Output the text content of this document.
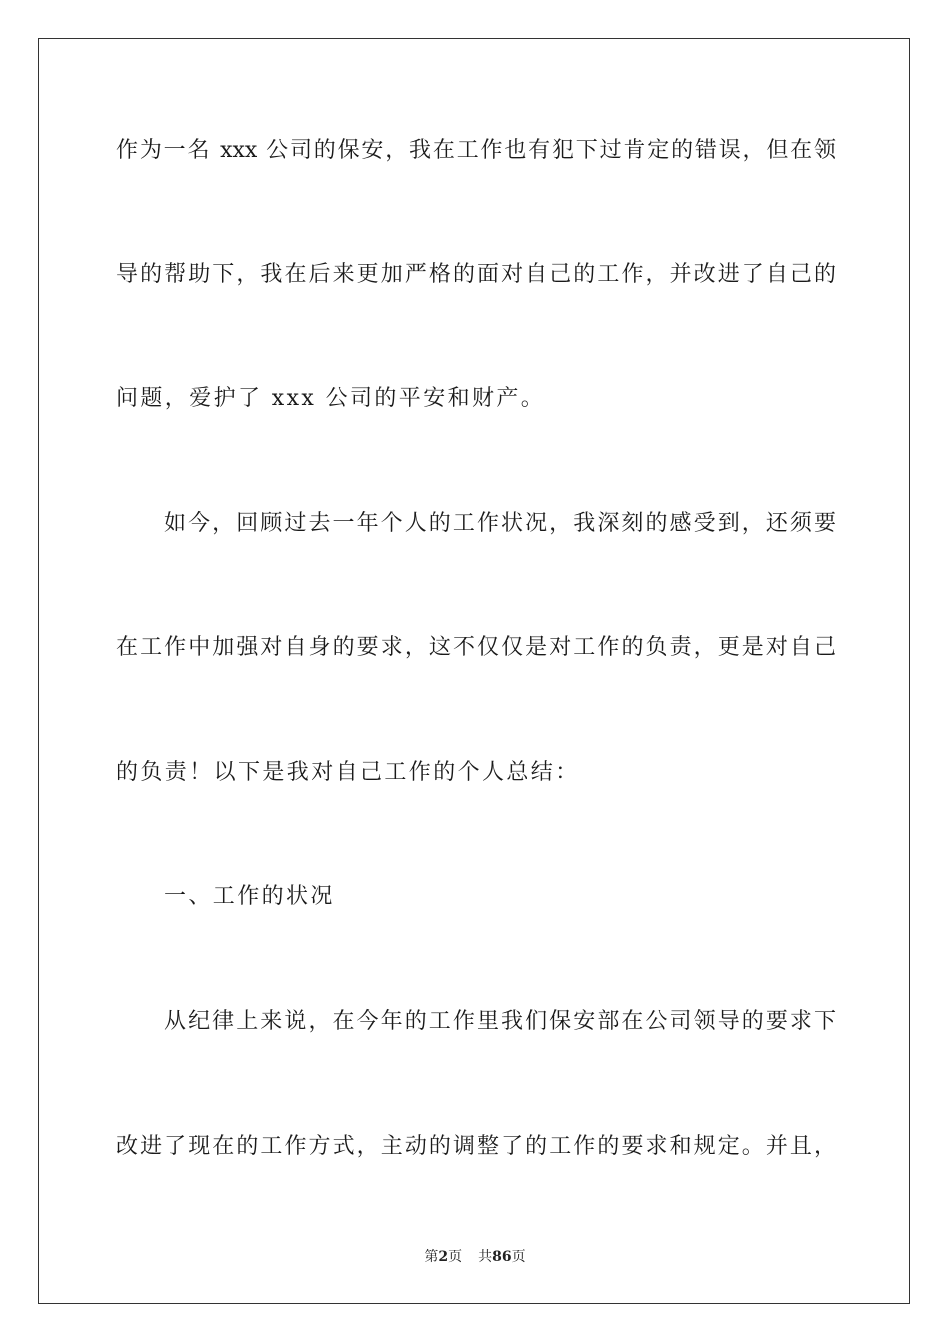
作为一名 xxx 公司的保安，我在工作也有犯下过肯定的错误，但在领
导的帮助下，我在后来更加严格的面对自己的工作，并改进了自己的
问题，爱护了 xxx 公司的平安和财产。
如今，回顾过去一年个人的工作状况，我深刻的感受到，还须要
在工作中加强对自身的要求，这不仅仅是对工作的负责，更是对自己
的负责！以下是我对自己工作的个人总结：
一、工作的状况
从纪律上来说，在今年的工作里我们保安部在公司领导的要求下
改进了现在的工作方式，主动的调整了的工作的要求和规定。并且，
第2页 共86页
